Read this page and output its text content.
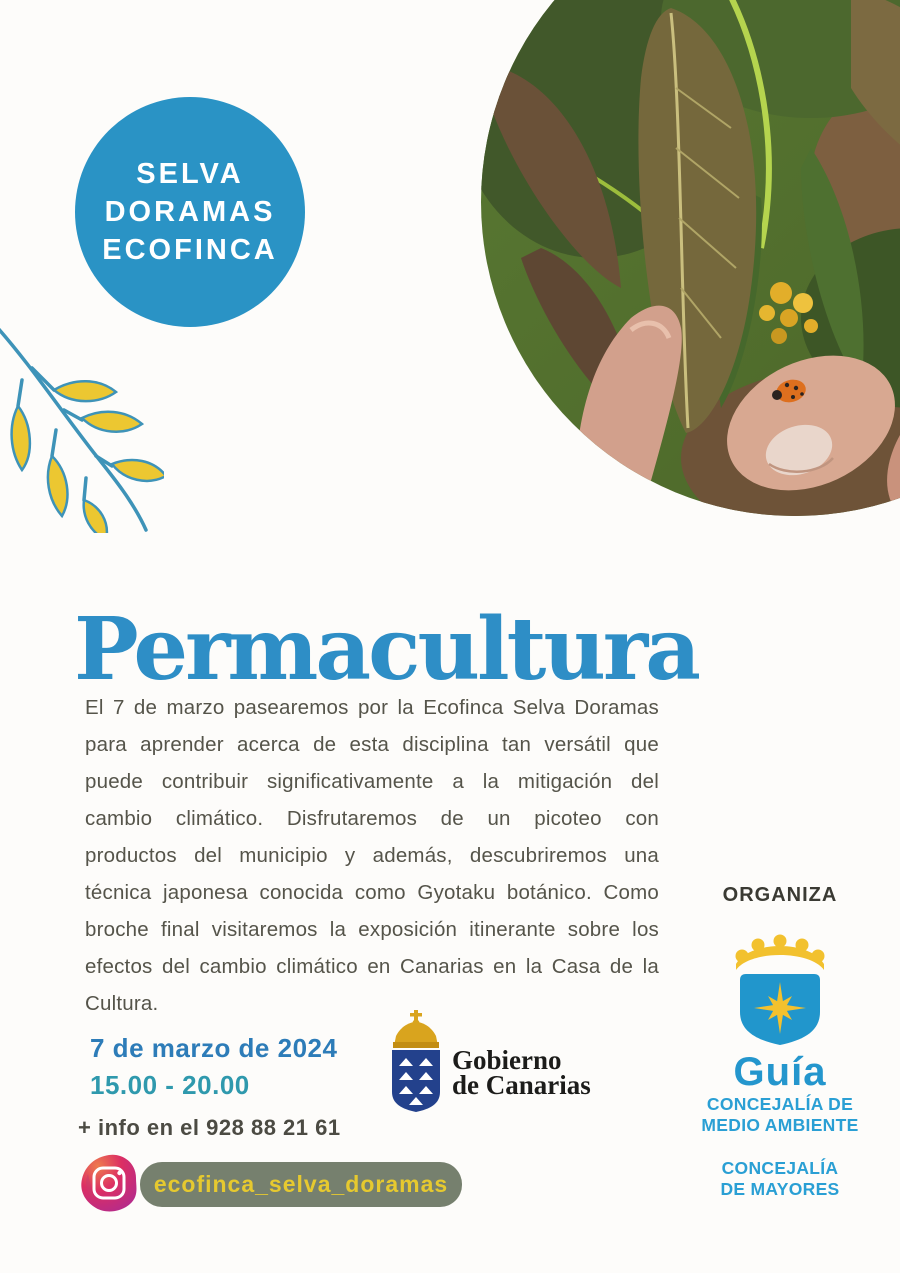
SELVA
DORAMAS
ECOFINCA
Permacultura

El 7 de marzo pasearemos por la Ecofinca Selva Doramas para aprender acerca de esta disciplina tan versátil que puede contribuir significativamente a la mitigación del cambio climático. Disfrutaremos de un picoteo con productos del municipio y además, descubriremos una técnica japonesa conocida como Gyotaku botánico. Como broche final visitaremos la exposición itinerante sobre los efectos del cambio climático en Canarias en la Casa de la Cultura.

ORGANIZA
Guía
CONCEJALÍA DE
MEDIO AMBIENTE
CONCEJALÍA
DE MAYORES
7 de marzo de 2024
15.00 - 20.00
+ info en el 928 88 21 61
Gobierno
de Canarias
ecofinca_selva_doramas
